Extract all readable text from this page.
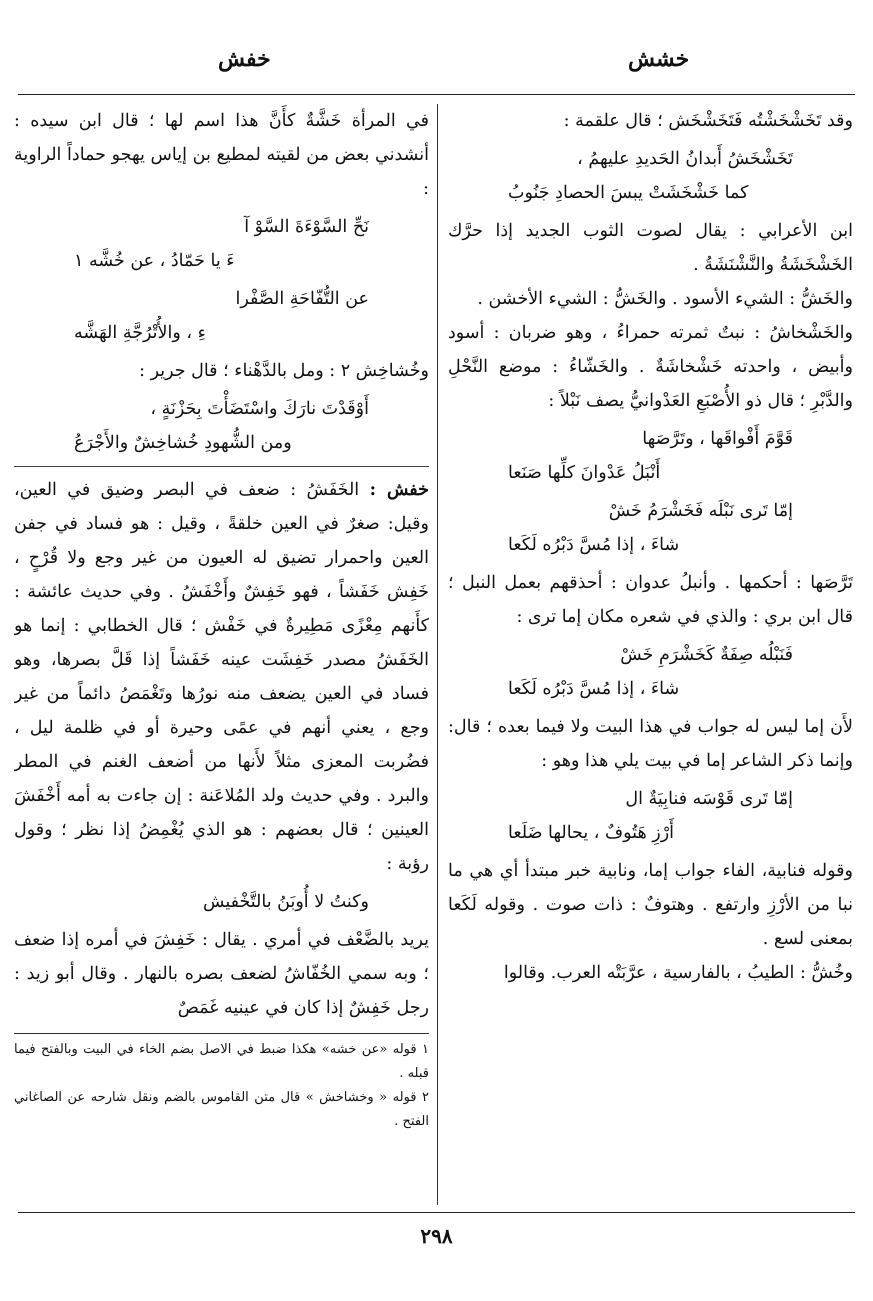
خشش
خفش

وقد تَخَشْخَشْتُه فَتَخَشْخَش ؛ قال علقمة :

تَخَشْخَشُ أَبدانُ الحَديدِ عليهمُ ،
كما خَشْخَشَتْ يبسَ الحصادِ جَنُوبُ

ابن الأعرابي : يقال لصوت الثوب الجديد إذا حرَّك الخَشْخَشَةُ والنَّشْنَشَةُ .

والخَشُّ : الشيء الأسود . والخَشُّ : الشيء الأخشن .

والخَشْخاشُ : نبتٌ ثمرته حمراءُ ، وهو ضربان : أسود وأبيض ، واحدته خَشْخاشَةٌ . والخَشّاءُ : موضع النَّحْلِ والدَّبْرِ ؛ قال ذو الأُصْبَعِ العَدْوانيُّ يصف نَبْلاً :

قَوَّمَ أَفْواقَها ، وتَرَّصَها
أَنْبَلُ عَدْوانَ كلِّها صَنَعا
إمّا تَرى نَبْلَه فَخَشْرَمُ خَشْ
شاءَ ، إذا مُسَّ دَبْرُه لَكَعا

تَرَّصَها : أحكمها . وأنبلُ عدوان : أحذقهم بعمل النبل ؛ قال ابن بري : والذي في شعره مكان إما ترى :

فَنَبْلُه صِفَةٌ كَخَشْرَمِ خَشْ
شاءَ ، إذا مُسَّ دَبْرُه لَكَعا

لأَن إما ليس له جواب في هذا البيت ولا فيما بعده ؛ قال: وإنما ذكر الشاعر إما في بيت يلي هذا وهو :

إمّا تَرى قَوْسَه فنابِيَةٌ ال
أَرْزِ هَتُوفٌ ، يحالها ضَلَعا

وقوله فنابية، الفاء جواب إما، ونابية خبر مبتدأ أي هي ما نبا من الأرْزِ وارتفع . وهتوفٌ : ذات صوت . وقوله لَكَعا بمعنى لسع .

وخُشُّ : الطيبُ ، بالفارسية ، عرَّبَتْه العرب. وقالوا

في المرأة خَشَّةٌ كأَنَّ هذا اسم لها ؛ قال ابن سيده : أنشدني بعض من لقيته لمطيع بن إياس يهجو حماداً الراوية :

نَحِّ السَّوْءَةَ السَّوْ آ
ءَ يا حَمّادُ ، عن خُشَّه ١
عن التُّفّاحَةِ الصَّفْرا
ءِ ، والأُتْرُجَّةِ الهَشَّه

وخُشاخِش ٢ : ومل بالدَّهْناء ؛ قال جرير :

أَوْقَدْتَ نارَكَ واسْتَضَأْتَ بِحَزْنَةٍ ،
ومن الشُّهودِ خُشاخِشٌ والأَجْرَعُ

خفش : الخَفَشُ : ضعف في البصر وضيق في العين، وقيل: صغرٌ في العين خلقةً ، وقيل : هو فساد في جفن العين واحمرار تضيق له العيون من غير وجع ولا قُرْحٍ ، خَفِش خَفَشاً ، فهو خَفِشٌ وأَخْفَشُ . وفي حديث عائشة : كأَنهم مِعْزًى مَطِيرةٌ في خَفْش ؛ قال الخطابي : إنما هو الخَفَشُ مصدر خَفِشَت عينه خَفَشاً إذا قَلَّ بصرها، وهو فساد في العين يضعف منه نورُها وتَغْمَصُ دائماً من غير وجع ، يعني أنهم في عمًى وحيرة أو في ظلمة ليل ، فضُربت المعزى مثلاً لأَنها من أضعف الغنم في المطر والبرد . وفي حديث ولد المُلاعَنة : إن جاءت به أمه أَخْفَشَ العينين ؛ قال بعضهم : هو الذي يُغْمِضُ إذا نظر ؛ وقول رؤبة :

وكنتُ لا أُوبَنُ بالتَّخْفيش

يريد بالضَّعْف في أمري . يقال : خَفِشَ في أمره إذا ضعف ؛ وبه سمي الخُفّاشُ لضعف بصره بالنهار . وقال أبو زيد : رجل خَفِشٌ إذا كان في عينيه غَمَصٌ

١ قوله «عن خشه» هكذا ضبط في الاصل بضم الخاء في البيت وبالفتح فيما قبله .
٢ قوله « وخشاخش » قال متن القاموس بالضم ونقل شارحه عن الصاغاني الفتح .
٢٩٨
